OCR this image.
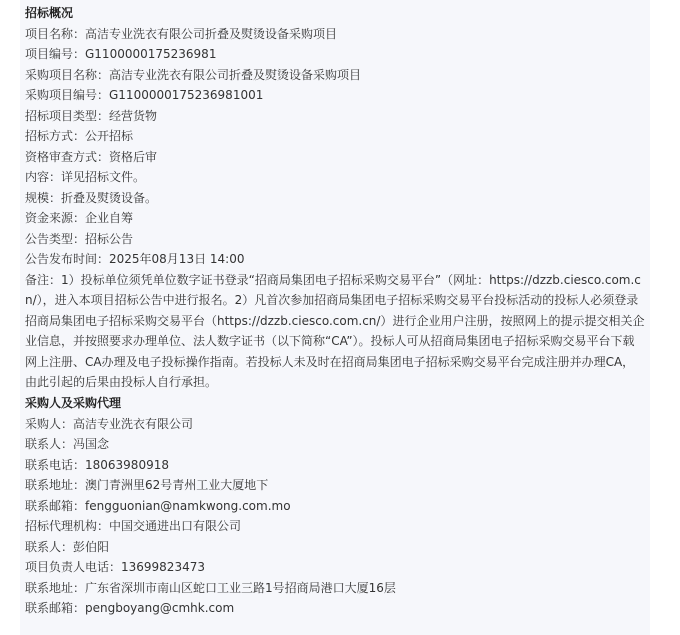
招标概况
项目名称：高洁专业洗衣有限公司折叠及熨烫设备采购项目
项目编号：G1100000175236981
采购项目名称：高洁专业洗衣有限公司折叠及熨烫设备采购项目
采购项目编号：G1100000175236981001
招标项目类型：经营货物
招标方式：公开招标
资格审查方式：资格后审
内容：详见招标文件。
规模：折叠及熨烫设备。
资金来源：企业自筹
公告类型：招标公告
公告发布时间：2025年08月13日 14:00
备注：1）投标单位须凭单位数字证书登录“招商局集团电子招标采购交易平台”（网址：https://dzzb.ciesco.com.cn/），进入本项目招标公告中进行报名。2）凡首次参加招商局集团电子招标采购交易平台投标活动的投标人必须登录招商局集团电子招标采购交易平台（https://dzzb.ciesco.com.cn/）进行企业用户注册，按照网上的提示提交相关企业信息，并按照要求办理单位、法人数字证书（以下简称“CA”）。投标人可从招商局集团电子招标采购交易平台下载网上注册、CA办理及电子投标操作指南。若投标人未及时在招商局集团电子招标采购交易平台完成注册并办理CA，由此引起的后果由投标人自行承担。
采购人及采购代理
采购人：高洁专业洗衣有限公司
联系人：冯国念
联系电话：18063980918
联系地址：澳门青洲里62号青州工业大厦地下
联系邮箱：fengguonian@namkwong.com.mo
招标代理机构：中国交通进出口有限公司
联系人：彭伯阳
项目负责人电话：13699823473
联系地址：广东省深圳市南山区蛇口工业三路1号招商局港口大厦16层
联系邮箱：pengboyang@cmhk.com
